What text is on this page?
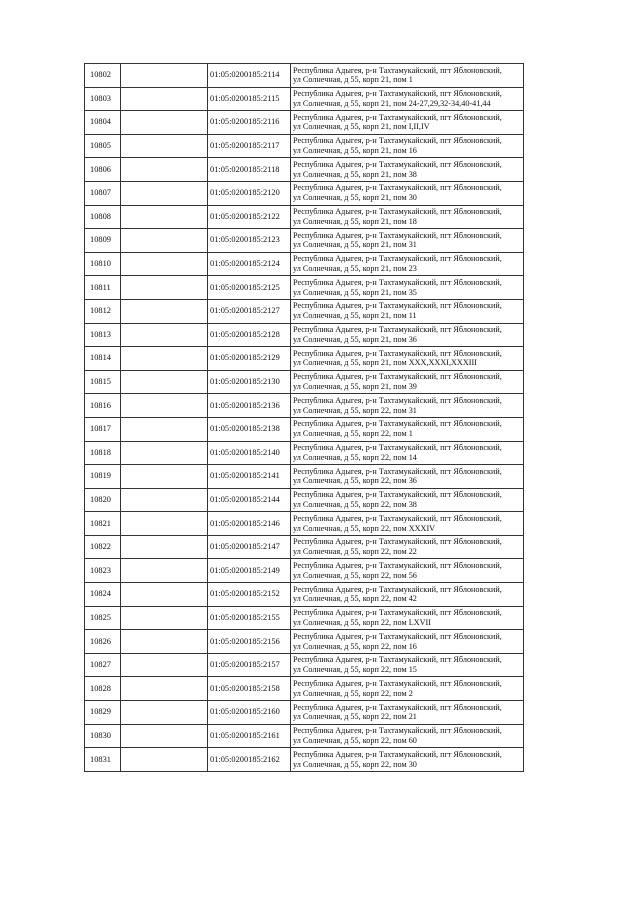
10802		01:05:0200185:2114	Республика Адыгея, р-н Тахтамукайский, пгт Яблоновский,
ул Солнечная, д 55, корп 21, пом 1

10803		01:05:0200185:2115	Республика Адыгея, р-н Тахтамукайский, пгт Яблоновский,
ул Солнечная, д 55, корп 21, пом 24-27,29,32-34,40-41,44

10804		01:05:0200185:2116	Республика Адыгея, р-н Тахтамукайский, пгт Яблоновский,
ул Солнечная, д 55, корп 21, пом I,II,IV

10805		01:05:0200185:2117	Республика Адыгея, р-н Тахтамукайский, пгт Яблоновский,
ул Солнечная, д 55, корп 21, пом 16

10806		01:05:0200185:2118	Республика Адыгея, р-н Тахтамукайский, пгт Яблоновский,
ул Солнечная, д 55, корп 21, пом 38

10807		01:05:0200185:2120	Республика Адыгея, р-н Тахтамукайский, пгт Яблоновский,
ул Солнечная, д 55, корп 21, пом 30

10808		01:05:0200185:2122	Республика Адыгея, р-н Тахтамукайский, пгт Яблоновский,
ул Солнечная, д 55, корп 21, пом 18

10809		01:05:0200185:2123	Республика Адыгея, р-н Тахтамукайский, пгт Яблоновский,
ул Солнечная, д 55, корп 21, пом 31

10810		01:05:0200185:2124	Республика Адыгея, р-н Тахтамукайский, пгт Яблоновский,
ул Солнечная, д 55, корп 21, пом 23

10811		01:05:0200185:2125	Республика Адыгея, р-н Тахтамукайский, пгт Яблоновский,
ул Солнечная, д 55, корп 21, пом 35

10812		01:05:0200185:2127	Республика Адыгея, р-н Тахтамукайский, пгт Яблоновский,
ул Солнечная, д 55, корп 21, пом 11

10813		01:05:0200185:2128	Республика Адыгея, р-н Тахтамукайский, пгт Яблоновский,
ул Солнечная, д 55, корп 21, пом 36

10814		01:05:0200185:2129	Республика Адыгея, р-н Тахтамукайский, пгт Яблоновский,
ул Солнечная, д 55, корп 21, пом XXX,XXXI,XXXIII

10815		01:05:0200185:2130	Республика Адыгея, р-н Тахтамукайский, пгт Яблоновский,
ул Солнечная, д 55, корп 21, пом 39

10816		01:05:0200185:2136	Республика Адыгея, р-н Тахтамукайский, пгт Яблоновский,
ул Солнечная, д 55, корп 22, пом 31

10817		01:05:0200185:2138	Республика Адыгея, р-н Тахтамукайский, пгт Яблоновский,
ул Солнечная, д 55, корп 22, пом 1

10818		01:05:0200185:2140	Республика Адыгея, р-н Тахтамукайский, пгт Яблоновский,
ул Солнечная, д 55, корп 22, пом 14

10819		01:05:0200185:2141	Республика Адыгея, р-н Тахтамукайский, пгт Яблоновский,
ул Солнечная, д 55, корп 22, пом 36

10820		01:05:0200185:2144	Республика Адыгея, р-н Тахтамукайский, пгт Яблоновский,
ул Солнечная, д 55, корп 22, пом 38

10821		01:05:0200185:2146	Республика Адыгея, р-н Тахтамукайский, пгт Яблоновский,
ул Солнечная, д 55, корп 22, пом XXXIV

10822		01:05:0200185:2147	Республика Адыгея, р-н Тахтамукайский, пгт Яблоновский,
ул Солнечная, д 55, корп 22, пом 22

10823		01:05:0200185:2149	Республика Адыгея, р-н Тахтамукайский, пгт Яблоновский,
ул Солнечная, д 55, корп 22, пом 56

10824		01:05:0200185:2152	Республика Адыгея, р-н Тахтамукайский, пгт Яблоновский,
ул Солнечная, д 55, корп 22, пом 42

10825		01:05:0200185:2155	Республика Адыгея, р-н Тахтамукайский, пгт Яблоновский,
ул Солнечная, д 55, корп 22, пом LXVII

10826		01:05:0200185:2156	Республика Адыгея, р-н Тахтамукайский, пгт Яблоновский,
ул Солнечная, д 55, корп 22, пом 16

10827		01:05:0200185:2157	Республика Адыгея, р-н Тахтамукайский, пгт Яблоновский,
ул Солнечная, д 55, корп 22, пом 15

10828		01:05:0200185:2158	Республика Адыгея, р-н Тахтамукайский, пгт Яблоновский,
ул Солнечная, д 55, корп 22, пом 2

10829		01:05:0200185:2160	Республика Адыгея, р-н Тахтамукайский, пгт Яблоновский,
ул Солнечная, д 55, корп 22, пом 21

10830		01:05:0200185:2161	Республика Адыгея, р-н Тахтамукайский, пгт Яблоновский,
ул Солнечная, д 55, корп 22, пом 60

10831		01:05:0200185:2162	Республика Адыгея, р-н Тахтамукайский, пгт Яблоновский,
ул Солнечная, д 55, корп 22, пом 30
